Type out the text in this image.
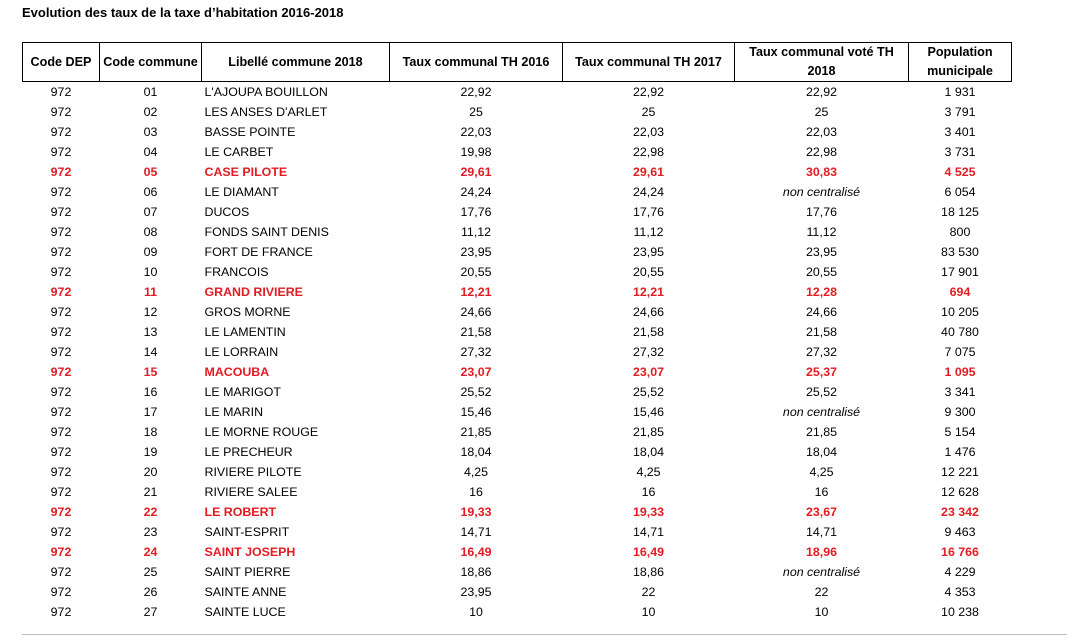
Evolution des taux de la taxe d’habitation 2016-2018
Code DEP	Code commune	Libellé commune 2018	Taux communal TH 2016	Taux communal TH 2017	Taux communal voté TH 2018	Population municipale
972	01	L'AJOUPA BOUILLON	22,92	22,92	22,92	1 931
972	02	LES ANSES D'ARLET	25	25	25	3 791
972	03	BASSE POINTE	22,03	22,03	22,03	3 401
972	04	LE CARBET	19,98	22,98	22,98	3 731
972	05	CASE PILOTE	29,61	29,61	30,83	4 525
972	06	LE DIAMANT	24,24	24,24	non centralisé	6 054
972	07	DUCOS	17,76	17,76	17,76	18 125
972	08	FONDS SAINT DENIS	11,12	11,12	11,12	800
972	09	FORT DE FRANCE	23,95	23,95	23,95	83 530
972	10	FRANCOIS	20,55	20,55	20,55	17 901
972	11	GRAND RIVIERE	12,21	12,21	12,28	694
972	12	GROS MORNE	24,66	24,66	24,66	10 205
972	13	LE LAMENTIN	21,58	21,58	21,58	40 780
972	14	LE LORRAIN	27,32	27,32	27,32	7 075
972	15	MACOUBA	23,07	23,07	25,37	1 095
972	16	LE MARIGOT	25,52	25,52	25,52	3 341
972	17	LE MARIN	15,46	15,46	non centralisé	9 300
972	18	LE MORNE ROUGE	21,85	21,85	21,85	5 154
972	19	LE PRECHEUR	18,04	18,04	18,04	1 476
972	20	RIVIERE PILOTE	4,25	4,25	4,25	12 221
972	21	RIVIERE SALEE	16	16	16	12 628
972	22	LE ROBERT	19,33	19,33	23,67	23 342
972	23	SAINT-ESPRIT	14,71	14,71	14,71	9 463
972	24	SAINT JOSEPH	16,49	16,49	18,96	16 766
972	25	SAINT PIERRE	18,86	18,86	non centralisé	4 229
972	26	SAINTE ANNE	23,95	22	22	4 353
972	27	SAINTE LUCE	10	10	10	10 238
